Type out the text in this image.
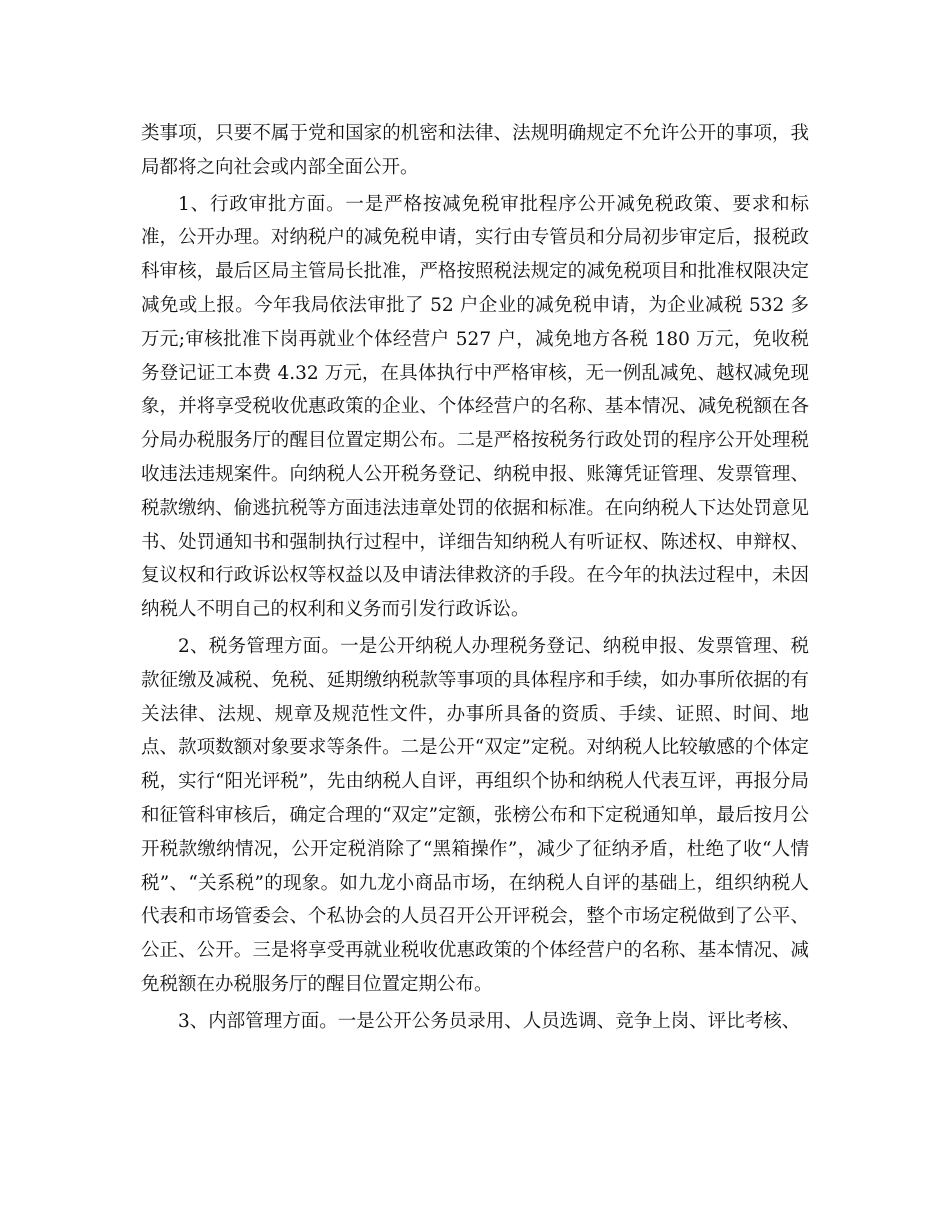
类事项，只要不属于党和国家的机密和法律、法规明确规定不允许公开的事项，我局都将之向社会或内部全面公开。

1、行政审批方面。一是严格按减免税审批程序公开减免税政策、要求和标准，公开办理。对纳税户的减免税申请，实行由专管员和分局初步审定后，报税政科审核，最后区局主管局长批准，严格按照税法规定的减免税项目和批准权限决定减免或上报。今年我局依法审批了 52 户企业的减免税申请，为企业减税 532 多万元;审核批准下岗再就业个体经营户 527 户，减免地方各税 180 万元，免收税务登记证工本费 4.32 万元，在具体执行中严格审核，无一例乱减免、越权减免现象，并将享受税收优惠政策的企业、个体经营户的名称、基本情况、减免税额在各分局办税服务厅的醒目位置定期公布。二是严格按税务行政处罚的程序公开处理税收违法违规案件。向纳税人公开税务登记、纳税申报、账簿凭证管理、发票管理、税款缴纳、偷逃抗税等方面违法违章处罚的依据和标准。在向纳税人下达处罚意见书、处罚通知书和强制执行过程中，详细告知纳税人有听证权、陈述权、申辩权、复议权和行政诉讼权等权益以及申请法律救济的手段。在今年的执法过程中，未因纳税人不明自己的权利和义务而引发行政诉讼。

2、税务管理方面。一是公开纳税人办理税务登记、纳税申报、发票管理、税款征缴及减税、免税、延期缴纳税款等事项的具体程序和手续，如办事所依据的有关法律、法规、规章及规范性文件，办事所具备的资质、手续、证照、时间、地点、款项数额对象要求等条件。二是公开“双定”定税。对纳税人比较敏感的个体定税，实行“阳光评税”，先由纳税人自评，再组织个协和纳税人代表互评，再报分局和征管科审核后，确定合理的“双定”定额，张榜公布和下定税通知单，最后按月公开税款缴纳情况，公开定税消除了“黑箱操作”，减少了征纳矛盾，杜绝了收“人情税”、“关系税”的现象。如九龙小商品市场，在纳税人自评的基础上，组织纳税人代表和市场管委会、个私协会的人员召开公开评税会，整个市场定税做到了公平、公正、公开。三是将享受再就业税收优惠政策的个体经营户的名称、基本情况、减免税额在办税服务厅的醒目位置定期公布。

3、内部管理方面。一是公开公务员录用、人员选调、竞争上岗、评比考核、
